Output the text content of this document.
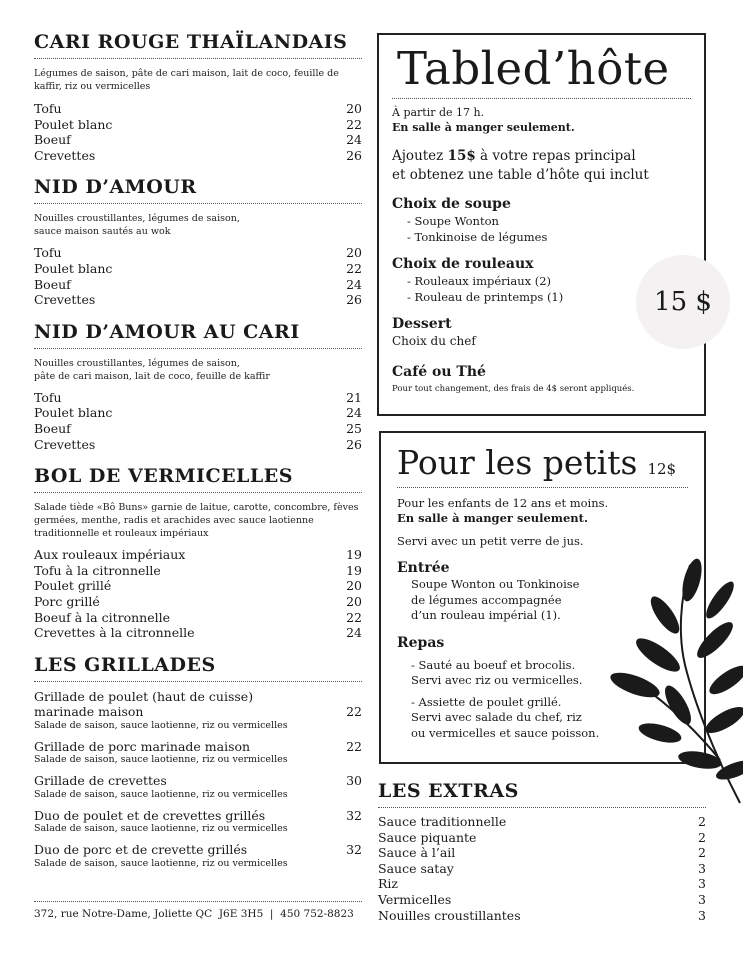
CARI ROUGE THAÏLANDAIS
Légumes de saison, pâte de cari maison, lait de coco, feuille de kaffir, riz ou vermicelles
Tofu	20
Poulet blanc	22
Boeuf	24
Crevettes	26
NID D’AMOUR
Nouilles croustillantes, légumes de saison,
sauce maison sautés au wok
Tofu	20
Poulet blanc	22
Boeuf	24
Crevettes	26
NID D’AMOUR AU CARI
Nouilles croustillantes, légumes de saison,
pâte de cari maison, lait de coco, feuille de kaffir
Tofu	21
Poulet blanc	24
Boeuf	25
Crevettes	26
BOL DE VERMICELLES
Salade tiède «Bô Buns» garnie de laitue, carotte, concombre, fèves germées, menthe, radis et arachides avec sauce laotienne traditionnelle et rouleaux impériaux
Aux rouleaux impériaux	19
Tofu à la citronnelle	19
Poulet grillé	20
Porc grillé	20
Boeuf à la citronnelle	22
Crevettes à la citronnelle	24
LES GRILLADES
Grillade de poulet (haut de cuisse)
marinade maison	22
Salade de saison, sauce laotienne, riz ou vermicelles
Grillade de porc marinade maison	22
Salade de saison, sauce laotienne, riz ou vermicelles
Grillade de crevettes	30
Salade de saison, sauce laotienne, riz ou vermicelles
Duo de poulet et de crevettes grillés	32
Salade de saison, sauce laotienne, riz ou vermicelles
Duo de porc et de crevette grillés	32
Salade de saison, sauce laotienne, riz ou vermicelles
372, rue Notre-Dame, Joliette QC  J6E 3H5  |  450 752-8823
Tabled’hôte
À partir de 17 h.
En salle à manger seulement.
Ajoutez 15$ à votre repas principal
et obtenez une table d’hôte qui inclut
Choix de soupe
- Soupe Wonton
- Tonkinoise de légumes
Choix de rouleaux
- Rouleaux impériaux (2)
- Rouleau de printemps (1)
Dessert
Choix du chef
Café ou Thé
Pour tout changement, des frais de 4$ seront appliqués.
15 $
Pour les petits 12$
Pour les enfants de 12 ans et moins.
En salle à manger seulement.
Servi avec un petit verre de jus.
Entrée
Soupe Wonton ou Tonkinoise
de légumes accompagnée
d’un rouleau impérial (1).
Repas
- Sauté au boeuf et brocolis.
Servi avec riz ou vermicelles.
- Assiette de poulet grillé.
Servi avec salade du chef, riz
ou vermicelles et sauce poisson.
LES EXTRAS
Sauce traditionnelle	2
Sauce piquante	2
Sauce à l’ail	2
Sauce satay	3
Riz	3
Vermicelles	3
Nouilles croustillantes	3
